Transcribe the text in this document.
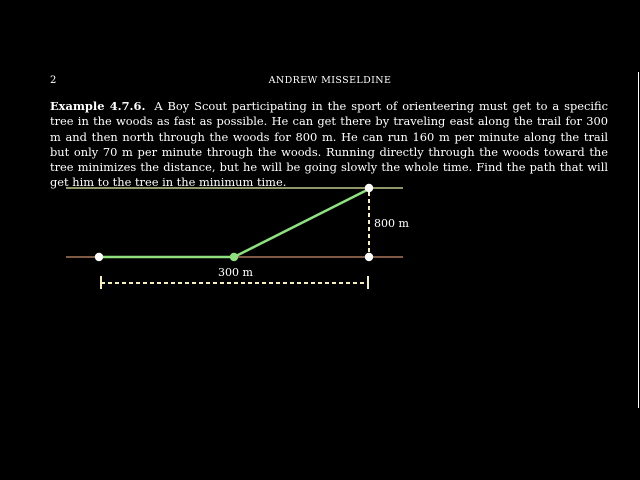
2	ANDREW MISSELDINE

Example 4.7.6. A Boy Scout participating in the sport of orienteering must get to a specific tree in the woods as fast as possible. He can get there by traveling east along the trail for 300 m and then north through the woods for 800 m. He can run 160 m per minute along the trail but only 70 m per minute through the woods. Running directly through the woods toward the tree minimizes the distance, but he will be going slowly the whole time. Find the path that will get him to the tree in the minimum time.

800 m
300 m
